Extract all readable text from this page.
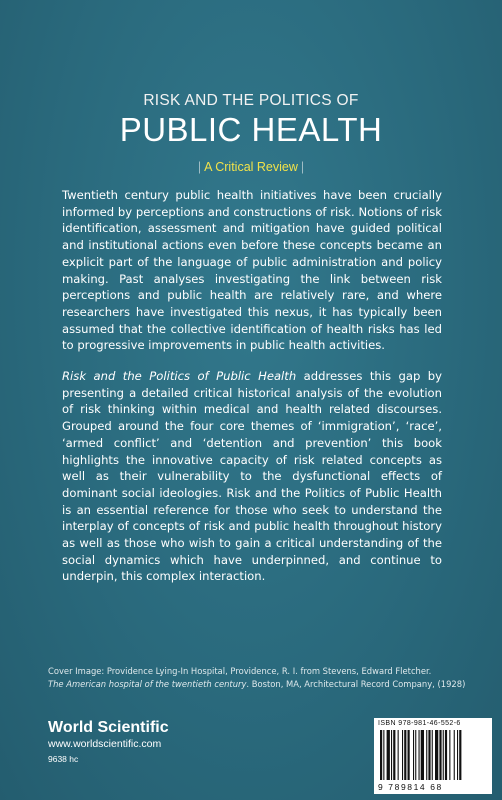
RISK AND THE POLITICS OF
PUBLIC HEALTH
| A Critical Review |

Twentieth century public health initiatives have been crucially informed by perceptions and constructions of risk. Notions of risk identification, assessment and mitigation have guided political and institutional actions even before these concepts became an explicit part of the language of public administration and policy making. Past analyses investigating the link between risk perceptions and public health are relatively rare, and where researchers have investigated this nexus, it has typically been assumed that the collective identification of health risks has led to progressive improvements in public health activities.

Risk and the Politics of Public Health addresses this gap by presenting a detailed critical historical analysis of the evolution of risk thinking within medical and health related discourses. Grouped around the four core themes of ‘immigration’, ‘race’, ‘armed conflict’ and ‘detention and prevention’ this book highlights the innovative capacity of risk related concepts as well as their vulnerability to the dysfunctional effects of dominant social ideologies. Risk and the Politics of Public Health is an essential reference for those who seek to understand the interplay of concepts of risk and public health throughout history as well as those who wish to gain a critical understanding of the social dynamics which have underpinned, and continue to underpin, this complex interaction.

Cover Image: Providence Lying-In Hospital, Providence, R. I. from Stevens, Edward Fletcher.
The American hospital of the twentieth century. Boston, MA, Architectural Record Company, (1928)
World Scientific
www.worldscientific.com
9638 hc
ISBN 978-981-46-552-6
9 789814 68
